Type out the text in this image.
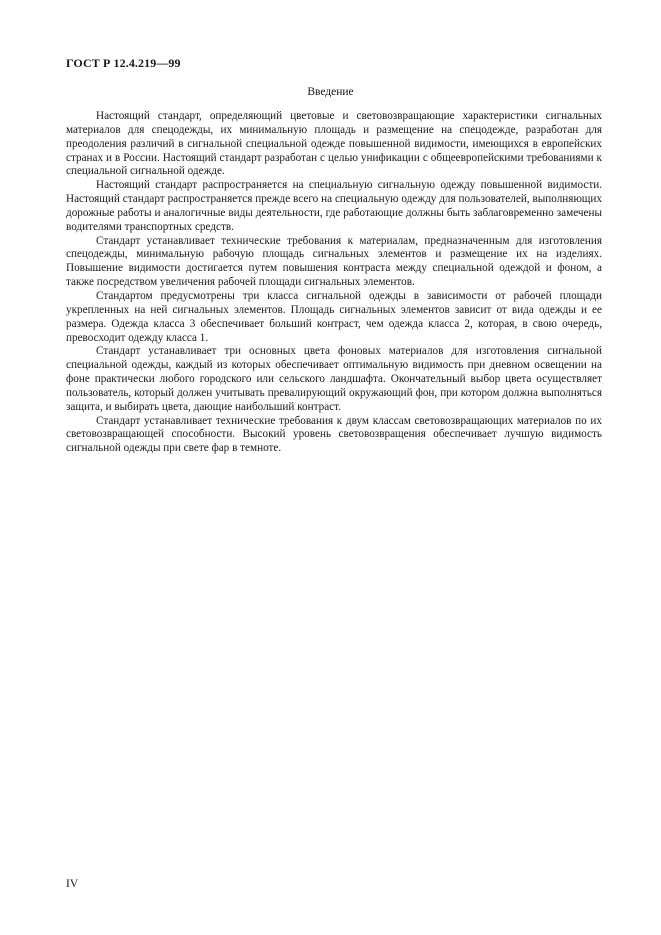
ГОСТ Р 12.4.219—99
Введение

Настоящий стандарт, определяющий цветовые и световозвращающие характеристики сигнальных материалов для спецодежды, их минимальную площадь и размещение на спецодежде, разработан для преодоления различий в сигнальной специальной одежде повышенной видимости, имеющихся в европейских странах и в России. Настоящий стандарт разработан с целью унификации с общеевропейскими требованиями к специальной сигнальной одежде.

Настоящий стандарт распространяется на специальную сигнальную одежду повышенной видимости. Настоящий стандарт распространяется прежде всего на специальную одежду для пользователей, выполняющих дорожные работы и аналогичные виды деятельности, где работающие должны быть заблаговременно замечены водителями транспортных средств.

Стандарт устанавливает технические требования к материалам, предназначенным для изготовления спецодежды, минимальную рабочую площадь сигнальных элементов и размещение их на изделиях. Повышение видимости достигается путем повышения контраста между специальной одеждой и фоном, а также посредством увеличения рабочей площади сигнальных элементов.

Стандартом предусмотрены три класса сигнальной одежды в зависимости от рабочей площади укрепленных на ней сигнальных элементов. Площадь сигнальных элементов зависит от вида одежды и ее размера. Одежда класса 3 обеспечивает больший контраст, чем одежда класса 2, которая, в свою очередь, превосходит одежду класса 1.

Стандарт устанавливает три основных цвета фоновых материалов для изготовления сигнальной специальной одежды, каждый из которых обеспечивает оптимальную видимость при дневном освещении на фоне практически любого городского или сельского ландшафта. Окончательный выбор цвета осуществляет пользователь, который должен учитывать превалирующий окружающий фон, при котором должна выполняться защита, и выбирать цвета, дающие наибольший контраст.

Стандарт устанавливает технические требования к двум классам световозвращающих материалов по их световозвращающей способности. Высокий уровень световозвращения обеспечивает лучшую видимость сигнальной одежды при свете фар в темноте.

IV
